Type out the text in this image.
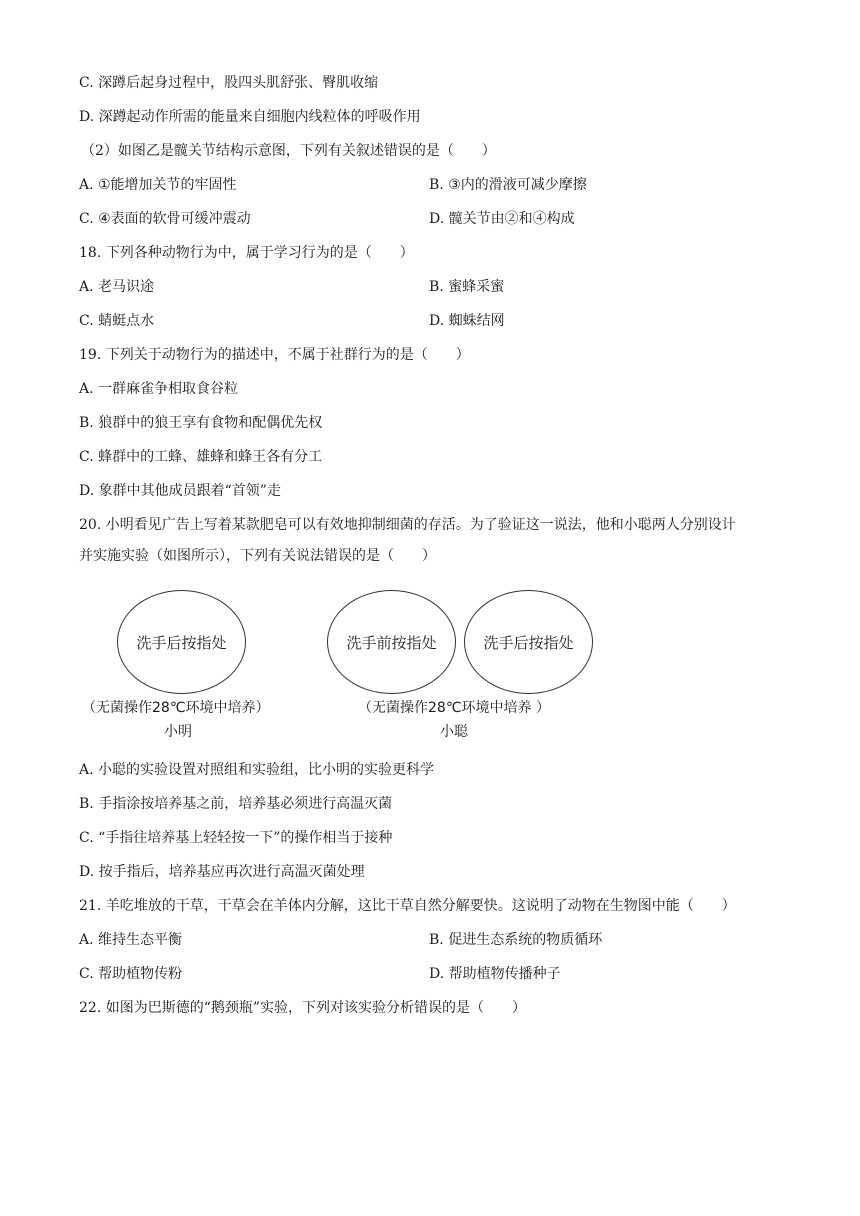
C. 深蹲后起身过程中，股四头肌舒张、臀肌收缩
D. 深蹲起动作所需的能量来自细胞内线粒体的呼吸作用
（2）如图乙是髋关节结构示意图，下列有关叙述错误的是（　　）
A. ①能增加关节的牢固性	B. ③内的滑液可减少摩擦
C. ④表面的软骨可缓冲震动	D. 髋关节由②和④构成
18. 下列各种动物行为中，属于学习行为的是（　　）
A. 老马识途	B. 蜜蜂采蜜
C. 蜻蜓点水	D. 蜘蛛结网
19. 下列关于动物行为的描述中，不属于社群行为的是（　　）
A. 一群麻雀争相取食谷粒
B. 狼群中的狼王享有食物和配偶优先权
C. 蜂群中的工蜂、雄蜂和蜂王各有分工
D. 象群中其他成员跟着“首领”走
20. 小明看见广告上写着某款肥皂可以有效地抑制细菌的存活。为了验证这一说法，他和小聪两人分别设计
并实施实验（如图所示），下列有关说法错误的是（　　）
洗手后按指处	洗手前按指处	洗手后按指处
（无菌操作28℃环境中培养）
小明
（无菌操作28℃环境中培养 ）
小聪
A. 小聪的实验设置对照组和实验组，比小明的实验更科学
B. 手指涂按培养基之前，培养基必须进行高温灭菌
C. “手指往培养基上轻轻按一下”的操作相当于接种
D. 按手指后，培养基应再次进行高温灭菌处理
21. 羊吃堆放的干草，干草会在羊体内分解，这比干草自然分解要快。这说明了动物在生物图中能（　　）
A. 维持生态平衡	B. 促进生态系统的物质循环
C. 帮助植物传粉	D. 帮助植物传播种子
22. 如图为巴斯德的“鹅颈瓶”实验，下列对该实验分析错误的是（　　）
